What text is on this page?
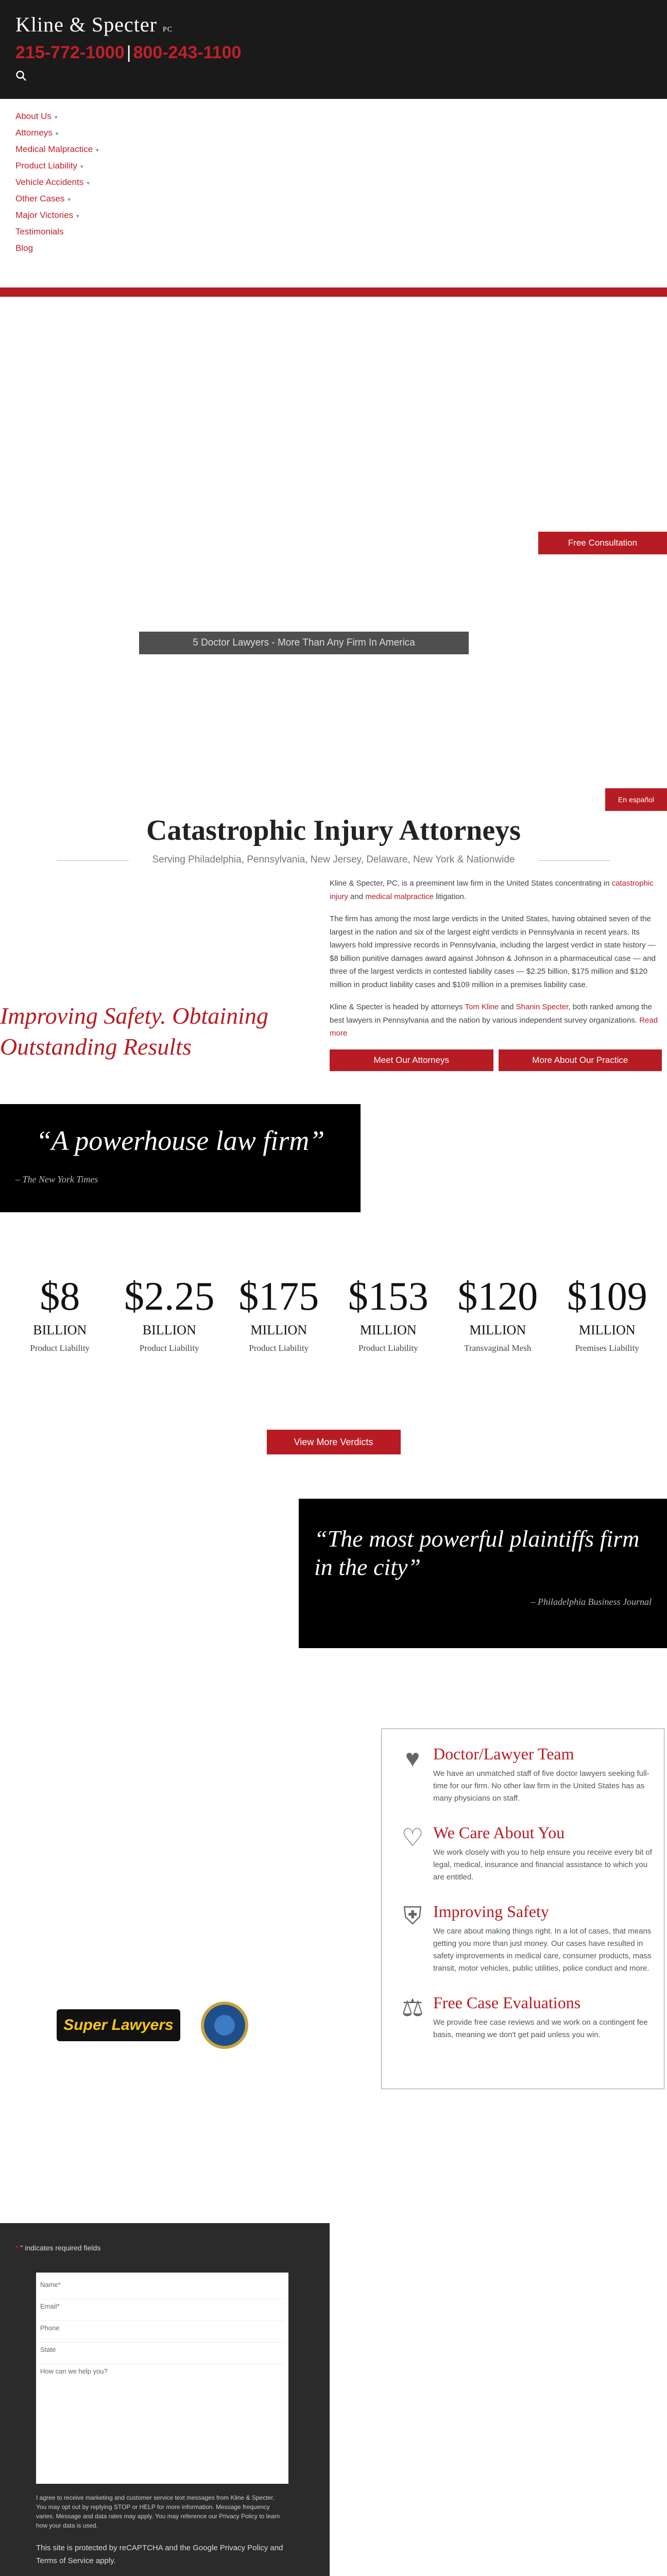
Kline & Specter PC
215-772-1000 | 800-243-1100
About Us ▾
Attorneys ▾
Medical Malpractice ▾
Product Liability ▾
Vehicle Accidents ▾
Other Cases ▾
Major Victories ▾
Testimonials
Blog
Free Consultation
5 Doctor Lawyers - More Than Any Firm In America
En español
Catastrophic Injury Attorneys
Serving Philadelphia, Pennsylvania, New Jersey, Delaware, New York & Nationwide
Improving Safety. Obtaining Outstanding Results

Kline & Specter, PC, is a preeminent law firm in the United States concentrating in catastrophic injury and medical malpractice litigation.

The firm has among the most large verdicts in the United States, having obtained seven of the largest in the nation and six of the largest eight verdicts in Pennsylvania in recent years. Its lawyers hold impressive records in Pennsylvania, including the largest verdict in state history — $8 billion punitive damages award against Johnson & Johnson in a pharmaceutical case — and three of the largest verdicts in contested liability cases — $2.25 billion, $175 million and $120 million in product liability cases and $109 million in a premises liability case.

Kline & Specter is headed by attorneys Tom Kline and Shanin Specter, both ranked among the best lawyers in Pennsylvania and the nation by various independent survey organizations. Read more

Meet Our Attorneys	More About Our Practice
“A powerhouse law firm”
– The New York Times
$8
BILLION
Product Liability
$2.25
BILLION
Product Liability
$175
MILLION
Product Liability
$153
MILLION
Product Liability
$120
MILLION
Transvaginal Mesh
$109
MILLION
Premises Liability
View More Verdicts
“The most powerful plaintiffs firm in the city”
– Philadelphia Business Journal
Super Lawyers
♥ Doctor/Lawyer Team

We have an unmatched staff of five doctor lawyers seeking full-time for our firm. No other law firm in the United States has as many physicians on staff.

♡ We Care About You

We work closely with you to help ensure you receive every bit of legal, medical, insurance and financial assistance to which you are entitled.

⛨ Improving Safety

We care about making things right. In a lot of cases, that means getting you more than just money. Our cases have resulted in safety improvements in medical care, consumer products, mass transit, motor vehicles, public utilities, police conduct and more.

⚖ Free Case Evaluations

We provide free case reviews and we work on a contingent fee basis, meaning we don't get paid unless you win.

* " indicates required fields
Name*
Email*
Phone
State
How can we help you?
I agree to receive marketing and customer service text messages from Kline & Specter. You may opt out by replying STOP or HELP for more information. Message frequency varies. Message and data rates may apply. You may reference our Privacy Policy to learn how your data is used.
This site is protected by reCAPTCHA and the Google Privacy Policy and Terms of Service apply.
